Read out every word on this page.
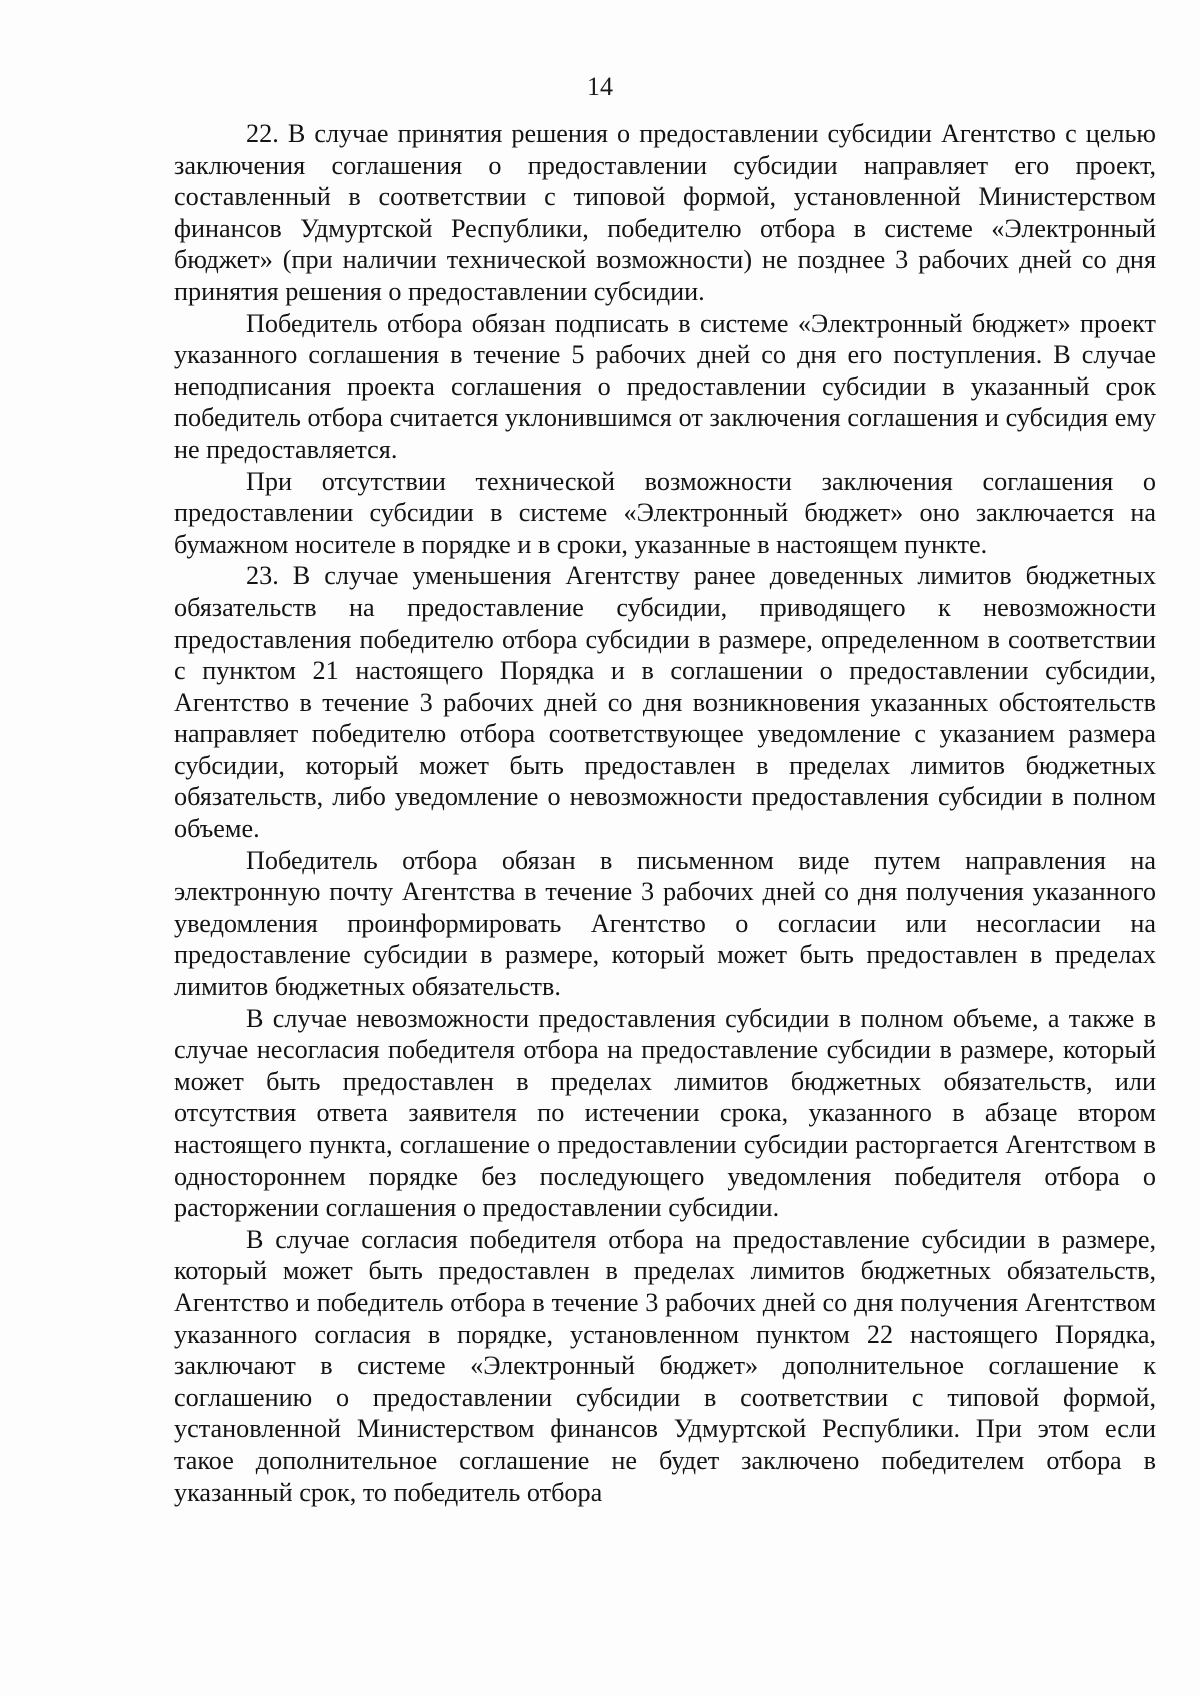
14

22. В случае принятия решения о предоставлении субсидии Агентство с целью заключения соглашения о предоставлении субсидии направляет его проект, составленный в соответствии с типовой формой, установленной Министерством финансов Удмуртской Республики, победителю отбора в системе «Электронный бюджет» (при наличии технической возможности) не позднее 3 рабочих дней со дня принятия решения о предоставлении субсидии.

Победитель отбора обязан подписать в системе «Электронный бюджет» проект указанного соглашения в течение 5 рабочих дней со дня его поступления. В случае неподписания проекта соглашения о предоставлении субсидии в указанный срок победитель отбора считается уклонившимся от заключения соглашения и субсидия ему не предоставляется.

При отсутствии технической возможности заключения соглашения о предоставлении субсидии в системе «Электронный бюджет» оно заключается на бумажном носителе в порядке и в сроки, указанные в настоящем пункте.

23. В случае уменьшения Агентству ранее доведенных лимитов бюджетных обязательств на предоставление субсидии, приводящего к невозможности предоставления победителю отбора субсидии в размере, определенном в соответствии с пунктом 21 настоящего Порядка и в соглашении о предоставлении субсидии, Агентство в течение 3 рабочих дней со дня возникновения указанных обстоятельств направляет победителю отбора соответствующее уведомление с указанием размера субсидии, который может быть предоставлен в пределах лимитов бюджетных обязательств, либо уведомление о невозможности предоставления субсидии в полном объеме.

Победитель отбора обязан в письменном виде путем направления на электронную почту Агентства в течение 3 рабочих дней со дня получения указанного уведомления проинформировать Агентство о согласии или несогласии на предоставление субсидии в размере, который может быть предоставлен в пределах лимитов бюджетных обязательств.

В случае невозможности предоставления субсидии в полном объеме, а также в случае несогласия победителя отбора на предоставление субсидии в размере, который может быть предоставлен в пределах лимитов бюджетных обязательств, или отсутствия ответа заявителя по истечении срока, указанного в абзаце втором настоящего пункта, соглашение о предоставлении субсидии расторгается Агентством в одностороннем порядке без последующего уведомления победителя отбора о расторжении соглашения о предоставлении субсидии.

В случае согласия победителя отбора на предоставление субсидии в размере, который может быть предоставлен в пределах лимитов бюджетных обязательств, Агентство и победитель отбора в течение 3 рабочих дней со дня получения Агентством указанного согласия в порядке, установленном пунктом 22 настоящего Порядка, заключают в системе «Электронный бюджет» дополнительное соглашение к соглашению о предоставлении субсидии в соответствии с типовой формой, установленной Министерством финансов Удмуртской Республики. При этом если такое дополнительное соглашение не будет заключено победителем отбора в указанный срок, то победитель отбора
